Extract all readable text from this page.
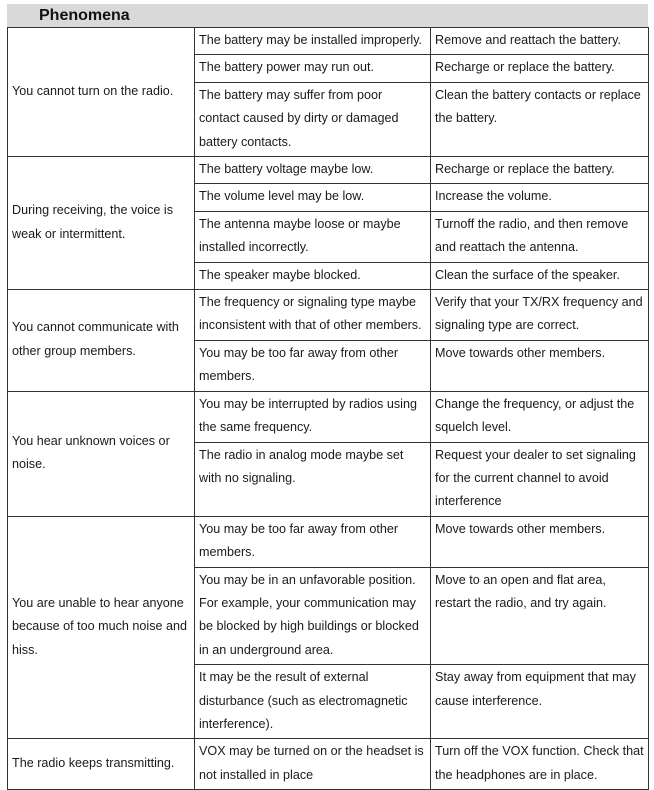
Phenomena
You cannot turn on the radio.	The battery may be installed improperly.	Remove and reattach the battery.
	The battery power may run out.	Recharge or replace the battery.
	The battery may suffer from poor contact caused by dirty or damaged battery contacts.	Clean the battery contacts or replace the battery.
During receiving, the voice is weak or intermittent.	The battery voltage maybe low.	Recharge or replace the battery.
	The volume level may be low.	Increase the volume.
	The antenna maybe loose or maybe installed incorrectly.	Turnoff the radio, and then remove and reattach the antenna.
	The speaker maybe blocked.	Clean the surface of the speaker.
You cannot communicate with other group members.	The frequency or signaling type maybe inconsistent with that of other members.	Verify that your TX/RX frequency and signaling type are correct.
	You may be too far away from other members.	Move towards other members.
You hear unknown voices or noise.	You may be interrupted by radios using the same frequency.	Change the frequency, or adjust the squelch level.
	The radio in analog mode maybe set with no signaling.	Request your dealer to set signaling for the current channel to avoid interference
You are unable to hear anyone because of too much noise and hiss.	You may be too far away from other members.	Move towards other members.
	You may be in an unfavorable position. For example, your communication may be blocked by high buildings or blocked in an underground area.	Move to an open and flat area, restart the radio, and try again.
	It may be the result of external disturbance (such as electromagnetic interference).	Stay away from equipment that may cause interference.
The radio keeps transmitting.	VOX may be turned on or the headset is not installed in place	Turn off the VOX function. Check that the headphones are in place.
